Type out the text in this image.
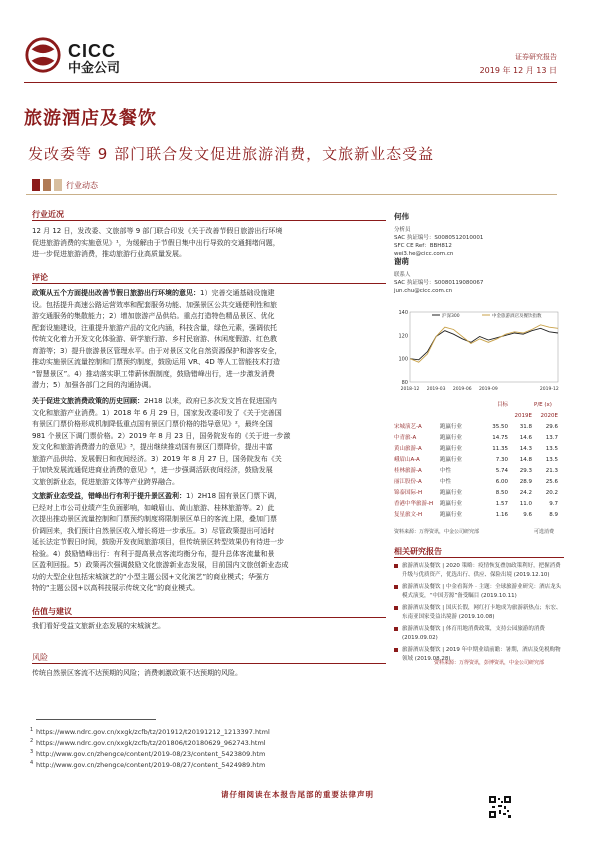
CICC
中金公司
证券研究报告
2019 年 12 月 13 日
旅游酒店及餐饮
发改委等 9 部门联合发文促进旅游消费，文旅新业态受益
行业动态
行业近况
12 月 12 日，发改委、文旅部等 9 部门联合印发《关于改善节假日旅游出行环境
促进旅游消费的实施意见》¹，为缓解由于节假日集中出行导致的交通拥堵问题，
进一步促进旅游消费，推动旅游行业高质量发展。
评论
政策从五个方面提出改善节假日旅游出行环境的意见：1）完善交通基础设施建
设。包括提升高速公路运营效率和配套服务功能、加强景区公共交通便利性和旅
游交通服务的集散能力；2）增加旅游产品供给。重点打造特色精品景区、优化
配套设施建设，注重提升旅游产品的文化内涵，科技含量，绿色元素，强调依托
传统文化着力开发文化体验游、研学旅行游、乡村民宿游、休闲度假游、红色教
育游等；3）提升旅游景区管理水平。由于对景区文化自然资源保护和游客安全，
推动实施景区流量控制和门票预约制度，鼓励运用 VR、4D 等人工智能技术打造
“智慧景区”。4）推动落实职工带薪休假制度，鼓励错峰出行，进一步激发消费
潜力；5）加强各部门之间的沟通协调。
关于促进文旅消费政策的历史回顾：2H18 以来，政府已多次发文旨在促进国内
文化和旅游产业消费。1）2018 年 6 月 29 日，国家发改委印发了《关于完善国
有景区门票价格形成机制降低重点国有景区门票价格的指导意见》²，最终全国
981 个景区下调门票价格。2）2019 年 8 月 23 日，国务院发布的《关于进一步激
发文化和旅游消费潜力的意见》³，提出继续推动国有景区门票降价，提出丰富
旅游产品供给、发展假日和夜间经济。3）2019 年 8 月 27 日，国务院发布《关
于加快发展流通促进商业消费的意见》⁴，进一步强调活跃夜间经济，鼓励发展
文旅创新业态，促进旅游文体等产业跨界融合。
文旅新业态受益，错峰出行有利于提升景区盈利：1）2H18 国有景区门票下调，
已经对上市公司业绩产生负面影响，如峨眉山、黄山旅游、桂林旅游等。2）此
次提出推动景区流量控制和门票预约制度将限制景区单日的客流上限，叠加门票
价调回来，我们预计自然景区收入增长将进一步承压。3）尽管政策提出可适时
延长法定节假日时间，鼓励开发夜间旅游项目，但传统景区转型效果仍有待进一步
检验。4）鼓励错峰出行：有利于提高景点客流均衡分布，提升总体客流量和景
区盈利回报。5）政策再次强调鼓励文化旅游新业态发展，目前国内文旅创新业态成
功的大型企业包括宋城演艺的“小型主题公园+文化演艺”的商业模式；华强方
特的“主题公园+以高科技展示传统文化”的商业模式。
估值与建议
我们看好受益文旅新业态发展的宋城演艺。
风险
传统自然景区客流不达预期的风险；消费刺激政策不达预期的风险。
何伟
分析员
SAC 执证编号：S0080512010001
SFC CE Ref：BBH812
wei3.he@cicc.com.cn
谢萌
联系人
SAC 执证编号：S0080119080067
jun.chu@cicc.com.cn
80
100
120
140
2018-12 2019-03 2019-06 2019-09	2019-12
沪深300	中金旅游酒店及餐饮指数
目标	P/E (x)
2019E	2020E
宋城演艺-A	跑赢行业	35.50	31.8	29.6
中青旅-A	跑赢行业	14.75	14.6	13.7
黄山旅游-A	跑赢行业	11.35	14.3	13.5
峨眉山A-A	跑赢行业	7.30	14.8	13.5
桂林旅游-A	中性	5.74	29.3	21.3
丽江股份-A	中性	6.00	28.9	25.6
锦泰国际-H	跑赢行业	8.50	24.2	20.2
香港中华旅游-H 跑赢行业	1.57	11.0	9.7
复星旅文-H	跑赢行业	1.16	9.6	8.9
资料来源：万得资讯，中金公司研究部	可选消费
相关研究报告
旅游酒店及餐饮 | 2020 策略：疫情恢复叠加政策利好，把握消费升级与优质资产，优选出行、供应、保险出境 (2019.12.10)
旅游酒店及餐饮 | 中金看海外 · 主题：全球旅游业研究：酒店龙头模式演变，“中国芳源”备受瞩目 (2019.10.11)
旅游酒店及餐饮 | 国庆长假，网红打卡地成为旅游新热点；东宏、东南亚国家受益出境游 (2019.10.08)
旅游酒店及餐饮 | 体育用地消费政策，支持公园旅游的消费 (2019.09.02)
旅游酒店及餐饮 | 2019 年中期业绩前瞻：暑期，酒店及免税购物领域 (2019.08.28)
资料来源：万得资讯，彭博资讯，中金公司研究部
1 https://www.ndrc.gov.cn/xxgk/zcfb/tz/201912/t20191212_1213397.html
2 https://www.ndrc.gov.cn/xxgk/zcfb/tz/201806/t20180629_962743.html
3 http://www.gov.cn/zhengce/content/2019-08/23/content_5423809.htm
4 http://www.gov.cn/zhengce/content/2019-08/27/content_5424989.htm
请仔细阅读在本报告尾部的重要法律声明
